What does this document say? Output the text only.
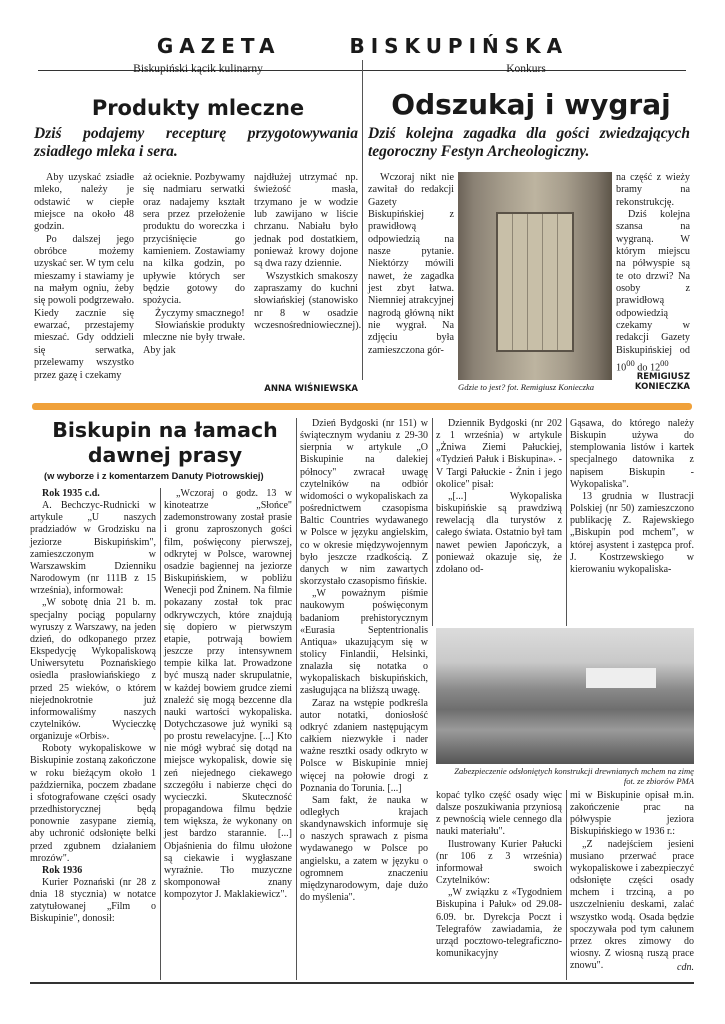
GAZETA	BISKUPIŃSKA
Biskupiński kącik kulinarny
Produkty mleczne
Dziś podajemy recepturę przygotowywania zsiadłego mleka i sera.

Aby uzyskać zsiadłe mleko, należy je odstawić w ciepłe miejsce na około 48 godzin.

Po dalszej jego obróbce możemy uzyskać ser. W tym celu mieszamy i stawiamy je na małym ogniu, żeby się powoli podgrzewało. Kiedy zacznie się ewarzać, przestajemy mieszać. Gdy oddzieli się serwatka, przelewamy wszystko przez gazę i czekamy

aż ocieknie. Pozbywamy się nadmiaru serwatki oraz nadajemy kształt sera przez przełożenie produktu do woreczka i przyciśnięcie go kamieniem. Zostawiamy na kilka godzin, po upływie których ser będzie gotowy do spożycia.

Życzymy smacznego!

Słowiańskie produkty mleczne nie były trwałe. Aby jak

najdłużej utrzymać np. świeżość masła, trzymano je w wodzie lub zawijano w liście chrzanu. Nabiału było jednak pod dostatkiem, ponieważ krowy dojone są dwa razy dziennie.

Wszystkich smakoszy zapraszamy do kuchni słowiańskiej (stanowisko nr 8 w osadzie wczesnośredniowiecznej).

ANNA WIŚNIEWSKA
Konkurs
Odszukaj i wygraj
Dziś kolejna zagadka dla gości zwiedzających tegoroczny Festyn Archeologiczny.

Wczoraj nikt nie zawitał do redakcji Gazety Biskupińskiej z prawidłową odpowiedzią na nasze pytanie. Niektórzy mówili nawet, że zagadka jest zbyt łatwa. Niemniej atrakcyjnej nagrodą główną nikt nie wygrał. Na zdjęciu była zamieszczona gór-

Gdzie to jest? fot. Remigiusz Konieczka

na część z wieży bramy na rekonstrukcję.

Dziś kolejna szansa na wygraną. W którym miejscu na półwyspie są te oto drzwi? Na osoby z prawidłową odpowiedzią czekamy w redakcji Gazety Biskupińskiej od $10^{00}$ do $12^{00}$

REMIGIUSZ
KONIECZKA
Biskupin na łamach
dawnej prasy
(w wyborze i z komentarzem Danuty Piotrowskiej)

Rok 1935 c.d.

A. Bechczyc-Rudnicki w artykule „U naszych pradziadów w Grodzisku na jeziorze Biskupińskim", zamieszczonym w Warszawskim Dzienniku Narodowym (nr 111B z 15 września), informował:

„W sobotę dnia 21 b. m. specjalny pociąg popularny wyruszy z Warszawy, na jeden dzień, do odkopanego przez Ekspedycję Wykopaliskową Uniwersytetu Poznańskiego osiedla prasłowiańskiego z przed 25 wieków, o którem niejednokrotnie już informowaliśmy naszych czytelników. Wycieczkę organizuje «Orbis».

Roboty wykopaliskowe w Biskupinie zostaną zakończone w roku bieżącym około 1 października, poczem zbadane i sfotografowane części osady przedhistorycznej będą ponownie zasypane ziemią, aby uchronić odsłonięte belki przed zgubnem działaniem mrozów".

Rok 1936

Kurier Poznański (nr 28 z dnia 18 stycznia) w notatce zatytułowanej „Film o Biskupinie", donosił:

„Wczoraj o godz. 13 w kinoteatrze „Słońce" zademonstrowany został prasie i gronu zaproszonych gości film, poświęcony pierwszej, odkrytej w Polsce, warownej osadzie bagiennej na jeziorze Biskupińskiem, w pobliżu Wenecji pod Żninem. Na filmie pokazany został tok prac odkrywczych, które znajdują się dopiero w pierwszym etapie, potrwają bowiem jeszcze przy intensywnem tempie kilka lat. Prowadzone być muszą nader skrupulatnie, w każdej bowiem grudce ziemi znaleźć się mogą bezcenne dla nauki wartości wykopaliska. Dotychczasowe już wyniki są po prostu rewelacyjne. [...] Kto nie mógł wybrać się dotąd na miejsce wykopalisk, dowie się zeń niejednego ciekawego szczegółu i nabierze chęci do wycieczki. Skuteczność propagandowa filmu będzie tem większa, że wykonany on jest bardzo starannie. [...] Objaśnienia do filmu ułożone są ciekawie i wygłaszane wyraźnie. Tło muzyczne skomponował znany kompozytor J. Maklakiewicz".

Dzień Bydgoski (nr 151) w świątecznym wydaniu z 29-30 sierpnia w artykule „O Biskupinie na dalekiej północy" zwracał uwagę czytelników na odbiór widomości o wykopaliskach za pośrednictwem czasopisma Baltic Countries wydawanego w Polsce w języku angielskim, co w okresie międzywojennym było jeszcze rzadkością. Z danych w nim zawartych skorzystało czasopismo fińskie.

„W poważnym piśmie naukowym poświęconym badaniom prehistorycznym «Eurasia Septentrionalis Antiqua» ukazującym się w stolicy Finlandii, Helsinki, znalazła się notatka o wykopaliskach biskupińskich, zasługująca na bliższą uwagę.

Zaraz na wstępie podkreśla autor notatki, doniosłość odkryć zdaniem następującym całkiem niezwykłe i nader ważne resztki osady odkryto w Polsce w Biskupinie mniej więcej na połowie drogi z Poznania do Torunia. [...]

Sam fakt, że nauka w odległych krajach skandynawskich informuje się o naszych sprawach z pisma wydawanego w Polsce po angielsku, a zatem w języku o ogromnem znaczeniu międzynarodowym, daje dużo do myślenia".

Dziennik Bydgoski (nr 202 z 1 września) w artykule „Żniwa Ziemi Pałuckiej, «Tydzień Pałuk i Biskupina». - V Targi Pałuckie - Żnin i jego okolice" pisał:

„[...] Wykopaliska biskupińskie są prawdziwą rewelacją dla turystów z całego świata. Ostatnio był tam nawet pewien Japończyk, a ponieważ okazuje się, że zdołano od-

Gąsawa, do którego należy Biskupin używa do stemplowania listów i kartek specjalnego datownika z napisem Biskupin - Wykopaliska".

13 grudnia w Ilustracji Polskiej (nr 50) zamieszczono publikację Z. Rajewskiego „Biskupin pod mchem", w której asystent i zastępca prof. J. Kostrzewskiego w kierowaniu wykopaliska-

Zabezpieczenie odsłoniętych konstrukcji drewnianych mchem na zimę
fot. ze zbiorów PMA

kopać tylko część osady więc dalsze poszukiwania przyniosą z pewnością wiele cennego dla nauki materiału".

Ilustrowany Kurier Pałucki (nr 106 z 3 września) informował swoich Czytelników:

„W związku z «Tygodniem Biskupina i Pałuk» od 29.08-6.09. br. Dyrekcja Poczt i Telegrafów zawiadamia, że urząd pocztowo-telegraficzno-komunikacyjny

mi w Biskupinie opisał m.in. zakończenie prac na półwyspie jeziora Biskupińskiego w 1936 r.:

„Z nadejściem jesieni musiano przerwać prace wykopaliskowe i zabezpieczyć odsłonięte części osady mchem i trzciną, a po uszczelnieniu deskami, zalać wszystko wodą. Osada będzie spoczywała pod tym całunem przez okres zimowy do wiosny. Z wiosną ruszą prace znowu".	cdn.
